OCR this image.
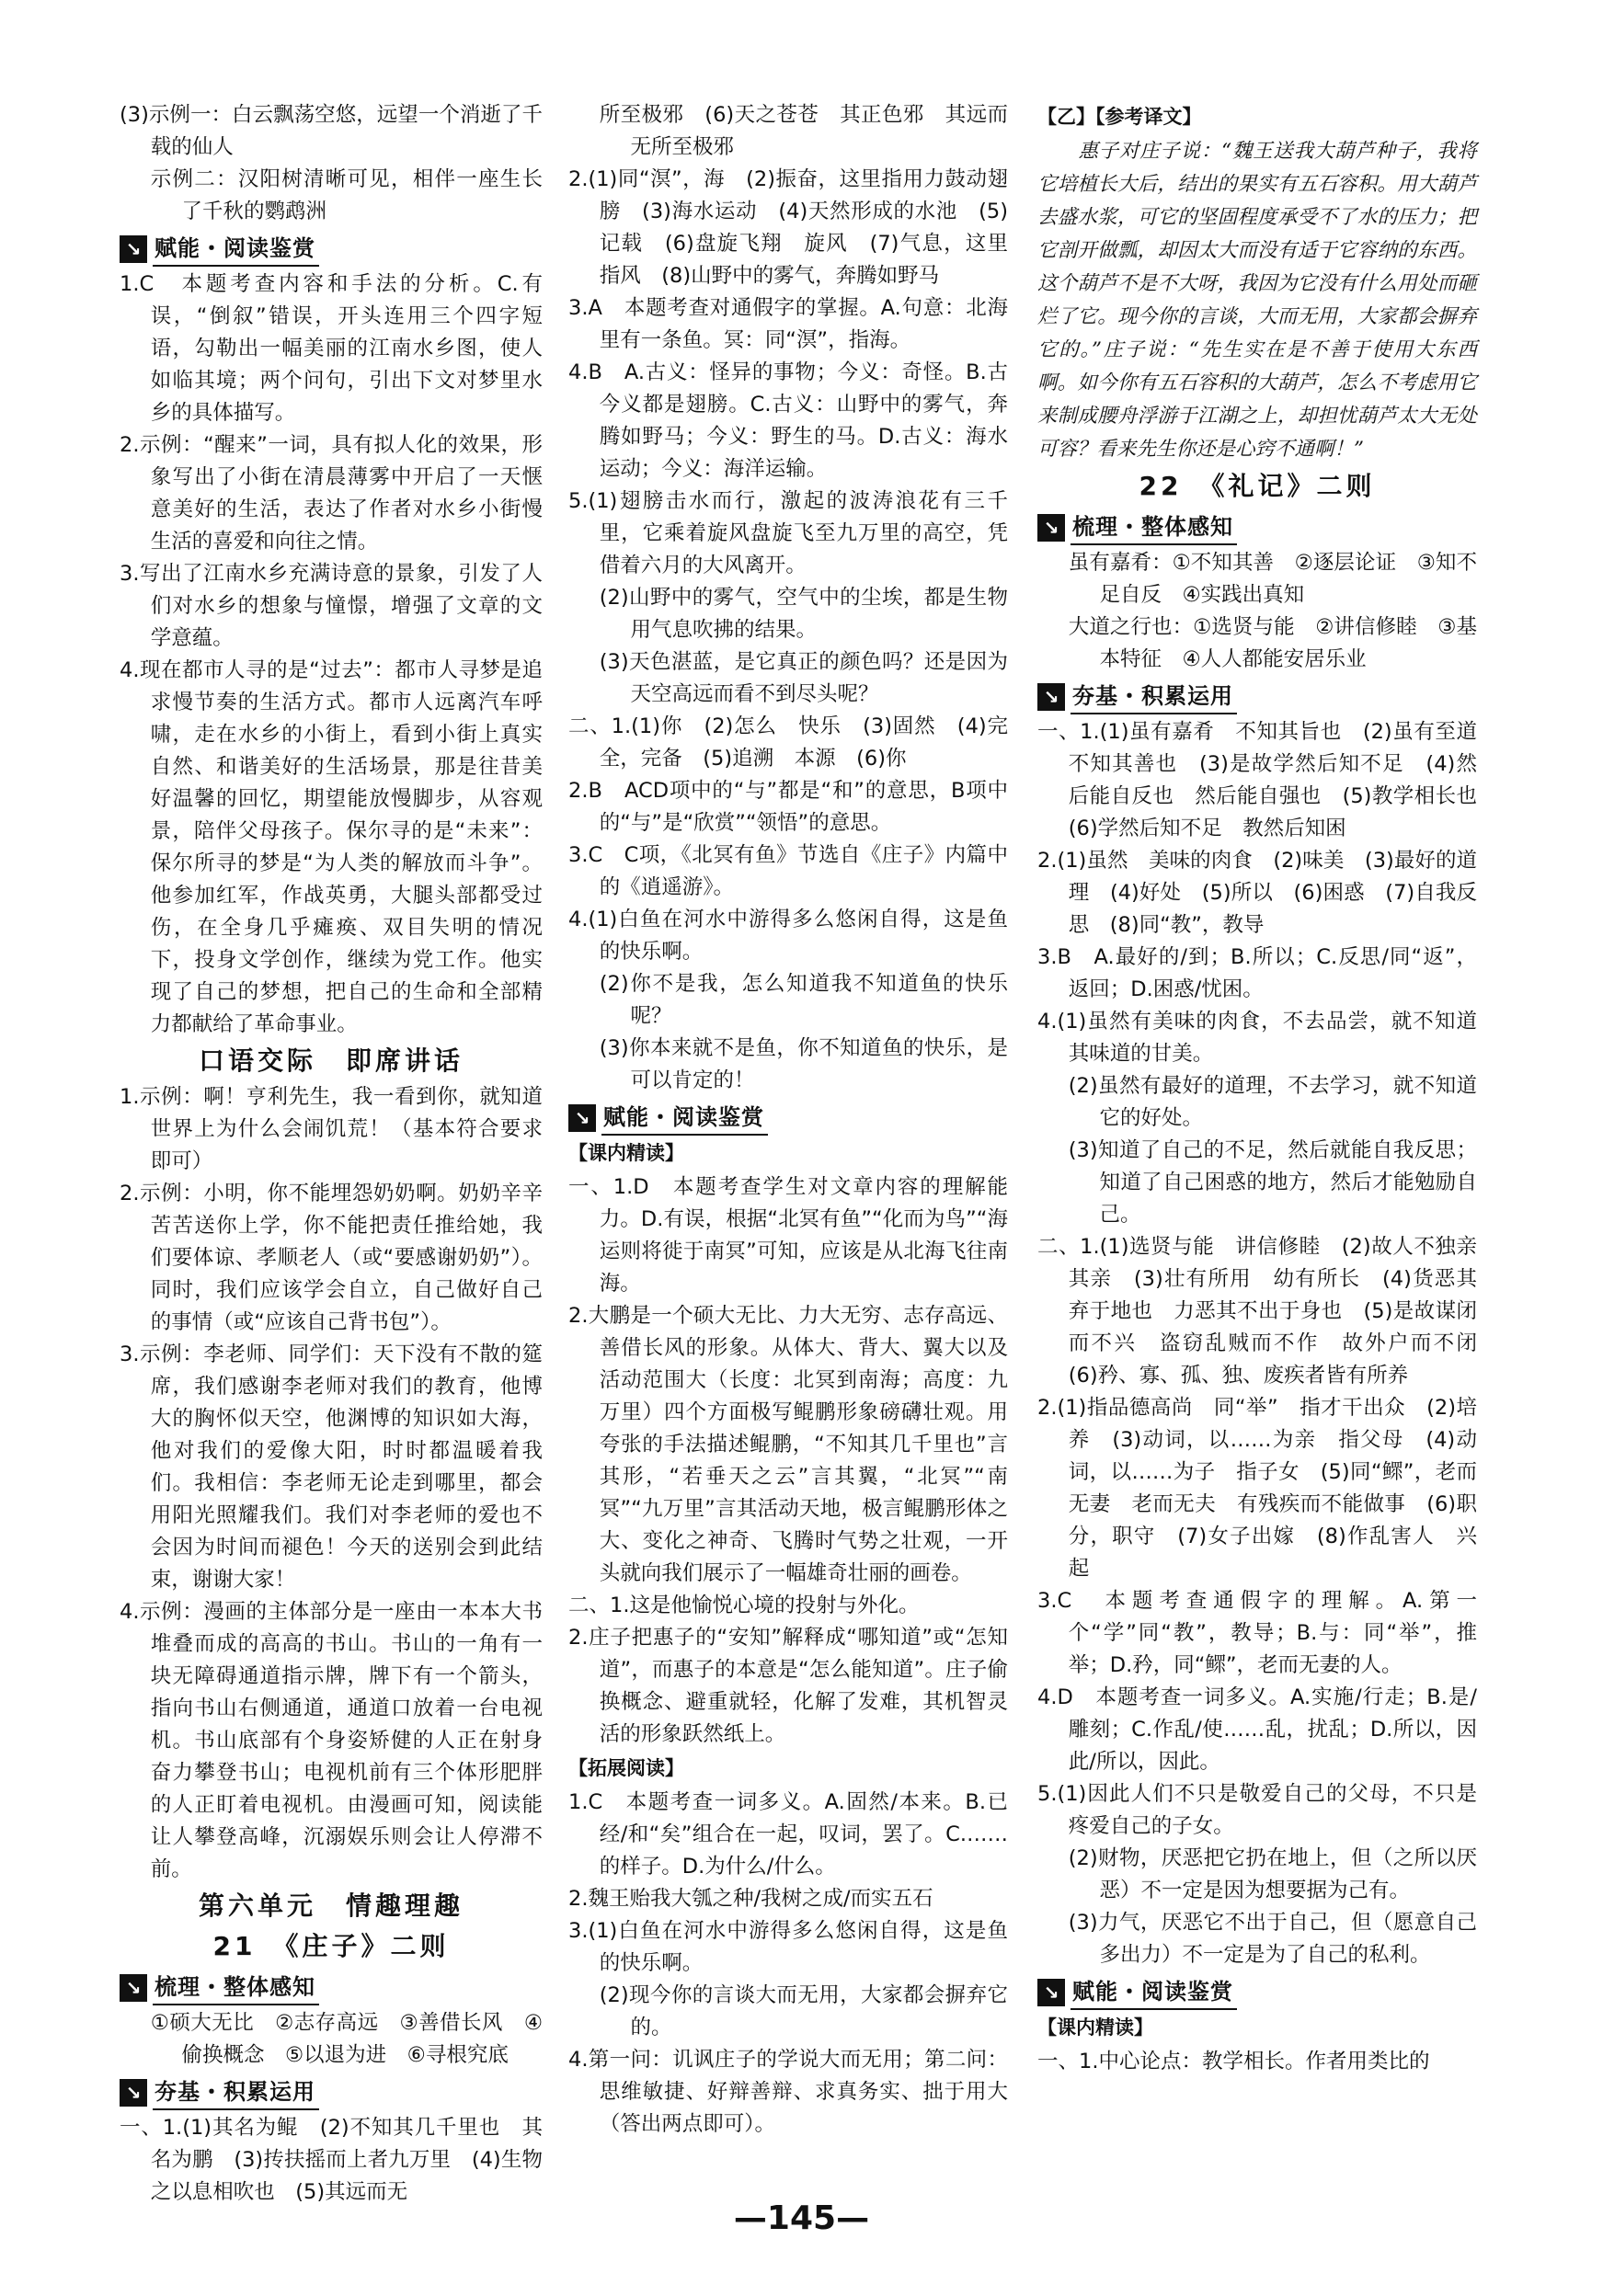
(3)示例一：白云飘荡空悠，远望一个消逝了千载的仙人
示例二：汉阳树清晰可见，相伴一座生长了千秋的鹦鹉洲
↘ 赋能・阅读鉴赏
1.C　本题考查内容和手法的分析。C.有误，“倒叙”错误，开头连用三个四字短语，勾勒出一幅美丽的江南水乡图，使人如临其境；两个问句，引出下文对梦里水乡的具体描写。
2.示例：“醒来”一词，具有拟人化的效果，形象写出了小街在清晨薄雾中开启了一天惬意美好的生活，表达了作者对水乡小街慢生活的喜爱和向往之情。
3.写出了江南水乡充满诗意的景象，引发了人们对水乡的想象与憧憬，增强了文章的文学意蕴。
4.现在都市人寻的是“过去”：都市人寻梦是追求慢节奏的生活方式。都市人远离汽车呼啸，走在水乡的小街上，看到小街上真实自然、和谐美好的生活场景，那是往昔美好温馨的回忆，期望能放慢脚步，从容观景，陪伴父母孩子。保尔寻的是“未来”：保尔所寻的梦是“为人类的解放而斗争”。他参加红军，作战英勇，大腿头部都受过伤，在全身几乎瘫痪、双目失明的情况下，投身文学创作，继续为党工作。他实现了自己的梦想，把自己的生命和全部精力都献给了革命事业。
口语交际　即席讲话
1.示例：啊！亨利先生，我一看到你，就知道世界上为什么会闹饥荒！（基本符合要求即可）
2.示例：小明，你不能埋怨奶奶啊。奶奶辛辛苦苦送你上学，你不能把责任推给她，我们要体谅、孝顺老人（或“要感谢奶奶”）。同时，我们应该学会自立，自己做好自己的事情（或“应该自己背书包”）。
3.示例：李老师、同学们：天下没有不散的筵席，我们感谢李老师对我们的教育，他博大的胸怀似天空，他渊博的知识如大海，他对我们的爱像大阳，时时都温暖着我们。我相信：李老师无论走到哪里，都会用阳光照耀我们。我们对李老师的爱也不会因为时间而褪色！今天的送别会到此结束，谢谢大家！
4.示例：漫画的主体部分是一座由一本本大书堆叠而成的高高的书山。书山的一角有一块无障碍通道指示牌，牌下有一个箭头，指向书山右侧通道，通道口放着一台电视机。书山底部有个身姿矫健的人正在射身奋力攀登书山；电视机前有三个体形肥胖的人正盯着电视机。由漫画可知，阅读能让人攀登高峰，沉溺娱乐则会让人停滞不前。
第六单元　情趣理趣
21　《庄子》二则
↘ 梳理・整体感知
①硕大无比　②志存高远　③善借长风　④偷换概念　⑤以退为进　⑥寻根究底
↘ 夯基・积累运用
一、1.(1)其名为鲲　(2)不知其几千里也　其名为鹏　(3)抟扶摇而上者九万里　(4)生物之以息相吹也　(5)其远而无
所至极邪　(6)天之苍苍　其正色邪　其远而无所至极邪
2.(1)同“溟”，海　(2)振奋，这里指用力鼓动翅膀　(3)海水运动　(4)天然形成的水池　(5)记载　(6)盘旋飞翔　旋风　(7)气息，这里指风　(8)山野中的雾气，奔腾如野马
3.A　本题考查对通假字的掌握。A.句意：北海里有一条鱼。冥：同“溟”，指海。
4.B　A.古义：怪异的事物；今义：奇怪。B.古今义都是翅膀。C.古义：山野中的雾气，奔腾如野马；今义：野生的马。D.古义：海水运动；今义：海洋运输。
5.(1)翅膀击水而行，激起的波涛浪花有三千里，它乘着旋风盘旋飞至九万里的高空，凭借着六月的大风离开。
(2)山野中的雾气，空气中的尘埃，都是生物用气息吹拂的结果。
(3)天色湛蓝，是它真正的颜色吗？还是因为天空高远而看不到尽头呢？
二、1.(1)你　(2)怎么　快乐　(3)固然　(4)完全，完备　(5)追溯　本源　(6)你
2.B　ACD项中的“与”都是“和”的意思，B项中的“与”是“欣赏”“领悟”的意思。
3.C　C项，《北冥有鱼》节选自《庄子》内篇中的《逍遥游》。
4.(1)白鱼在河水中游得多么悠闲自得，这是鱼的快乐啊。
(2)你不是我，怎么知道我不知道鱼的快乐呢？
(3)你本来就不是鱼，你不知道鱼的快乐，是可以肯定的！
↘ 赋能・阅读鉴赏
【课内精读】
一、1.D　本题考查学生对文章内容的理解能力。D.有误，根据“北冥有鱼”“化而为鸟”“海运则将徙于南冥”可知，应该是从北海飞往南海。
2.大鹏是一个硕大无比、力大无穷、志存高远、善借长风的形象。从体大、背大、翼大以及活动范围大（长度：北冥到南海；高度：九万里）四个方面极写鲲鹏形象磅礴壮观。用夸张的手法描述鲲鹏，“不知其几千里也”言其形，“若垂天之云”言其翼，“北冥”“南冥”“九万里”言其活动天地，极言鲲鹏形体之大、变化之神奇、飞腾时气势之壮观，一开头就向我们展示了一幅雄奇壮丽的画卷。
二、1.这是他愉悦心境的投射与外化。
2.庄子把惠子的“安知”解释成“哪知道”或“怎知道”，而惠子的本意是“怎么能知道”。庄子偷换概念、避重就轻，化解了发难，其机智灵活的形象跃然纸上。
【拓展阅读】
1.C　本题考查一词多义。A.固然/本来。B.已经/和“矣”组合在一起，叹词，罢了。C.……的样子。D.为什么/什么。
2.魏王贻我大瓠之种/我树之成/而实五石
3.(1)白鱼在河水中游得多么悠闲自得，这是鱼的快乐啊。
(2)现今你的言谈大而无用，大家都会摒弃它的。
4.第一问：讥讽庄子的学说大而无用；第二问：思维敏捷、好辩善辩、求真务实、拙于用大（答出两点即可）。
【乙】【参考译文】
　　惠子对庄子说：“魏王送我大葫芦种子，我将它培植长大后，结出的果实有五石容积。用大葫芦去盛水浆，可它的坚固程度承受不了水的压力；把它剖开做瓢，却因太大而没有适于它容纳的东西。这个葫芦不是不大呀，我因为它没有什么用处而砸烂了它。现今你的言谈，大而无用，大家都会摒弃它的。”庄子说：“先生实在是不善于使用大东西啊。如今你有五石容积的大葫芦，怎么不考虑用它来制成腰舟浮游于江湖之上，却担忧葫芦太大无处可容？看来先生你还是心窍不通啊！”
22　《礼记》二则
↘ 梳理・整体感知
虽有嘉肴：①不知其善　②逐层论证　③知不足自反　④实践出真知
大道之行也：①选贤与能　②讲信修睦　③基本特征　④人人都能安居乐业
↘ 夯基・积累运用
一、1.(1)虽有嘉肴　不知其旨也　(2)虽有至道　不知其善也　(3)是故学然后知不足　(4)然后能自反也　然后能自强也　(5)教学相长也　(6)学然后知不足　教然后知困
2.(1)虽然　美味的肉食　(2)味美　(3)最好的道理　(4)好处　(5)所以　(6)困惑　(7)自我反思　(8)同“教”，教导
3.B　A.最好的/到；B.所以；C.反思/同“返”，返回；D.困惑/忧困。
4.(1)虽然有美味的肉食，不去品尝，就不知道其味道的甘美。
(2)虽然有最好的道理，不去学习，就不知道它的好处。
(3)知道了自己的不足，然后就能自我反思；知道了自己困惑的地方，然后才能勉励自己。
二、1.(1)选贤与能　讲信修睦　(2)故人不独亲其亲　(3)壮有所用　幼有所长　(4)货恶其弃于地也　力恶其不出于身也　(5)是故谋闭而不兴　盗窃乱贼而不作　故外户而不闭　(6)矜、寡、孤、独、废疾者皆有所养
2.(1)指品德高尚　同“举”　指才干出众　(2)培养　(3)动词，以……为亲　指父母　(4)动词，以……为子　指子女　(5)同“鳏”，老而无妻　老而无夫　有残疾而不能做事　(6)职分，职守　(7)女子出嫁　(8)作乱害人　兴起
3.C　本题考查通假字的理解。A.第一个“学”同“教”，教导；B.与：同“举”，推举；D.矜，同“鳏”，老而无妻的人。
4.D　本题考查一词多义。A.实施/行走；B.是/雕刻；C.作乱/使……乱，扰乱；D.所以，因此/所以，因此。
5.(1)因此人们不只是敬爱自己的父母，不只是疼爱自己的子女。
(2)财物，厌恶把它扔在地上，但（之所以厌恶）不一定是因为想要据为己有。
(3)力气，厌恶它不出于自己，但（愿意自己多出力）不一定是为了自己的私利。
↘ 赋能・阅读鉴赏
【课内精读】
一、1.中心论点：教学相长。作者用类比的
—145—
